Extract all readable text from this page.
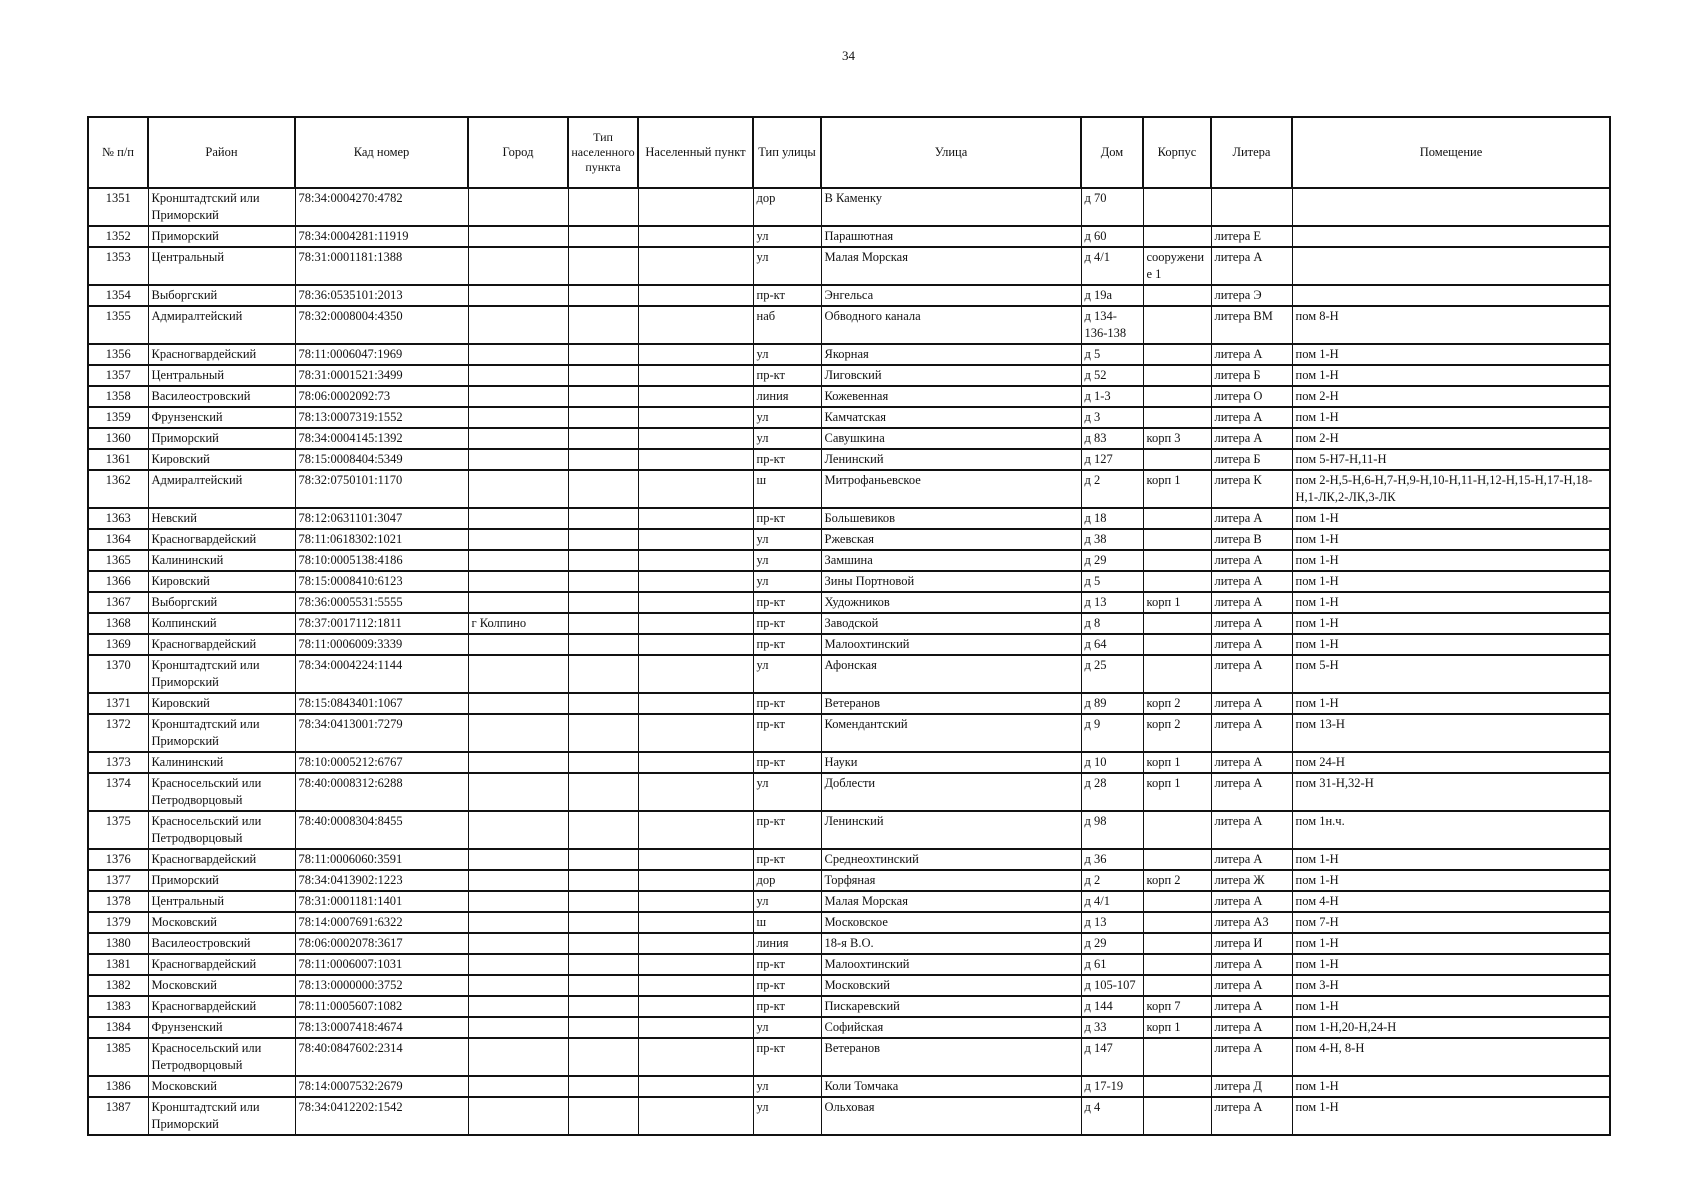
34
№ п/п	Район	Кад номер	Город	Тип населенного пункта	Населенный пункт	Тип улицы	Улица	Дом	Корпус	Литера	Помещение
1351	Кронштадтский или Приморский	78:34:0004270:4782				дор	В Каменку	д 70			
1352	Приморский	78:34:0004281:11919				ул	Парашютная	д 60		литера Е	
1353	Центральный	78:31:0001181:1388				ул	Малая Морская	д 4/1	сооружение 1	литера А	
1354	Выборгский	78:36:0535101:2013				пр-кт	Энгельса	д 19а		литера Э	
1355	Адмиралтейский	78:32:0008004:4350				наб	Обводного канала	д 134-136-138		литера ВМ	пом 8-Н
1356	Красногвардейский	78:11:0006047:1969				ул	Якорная	д 5		литера А	пом 1-Н
1357	Центральный	78:31:0001521:3499				пр-кт	Лиговский	д 52		литера Б	пом 1-Н
1358	Василеостровский	78:06:0002092:73				линия	Кожевенная	д 1-3		литера О	пом 2-Н
1359	Фрунзенский	78:13:0007319:1552				ул	Камчатская	д 3		литера А	пом 1-Н
1360	Приморский	78:34:0004145:1392				ул	Савушкина	д 83	корп 3	литера А	пом 2-Н
1361	Кировский	78:15:0008404:5349				пр-кт	Ленинский	д 127		литера Б	пом 5-Н7-Н,11-Н
1362	Адмиралтейский	78:32:0750101:1170				ш	Митрофаньевское	д 2	корп 1	литера К	пом 2-Н,5-Н,6-Н,7-Н,9-Н,10-Н,11-Н,12-Н,15-Н,17-Н,18-Н,1-ЛК,2-ЛК,3-ЛК
1363	Невский	78:12:0631101:3047				пр-кт	Большевиков	д 18		литера А	пом 1-Н
1364	Красногвардейский	78:11:0618302:1021				ул	Ржевская	д 38		литера В	пом 1-Н
1365	Калининский	78:10:0005138:4186				ул	Замшина	д 29		литера А	пом 1-Н
1366	Кировский	78:15:0008410:6123				ул	Зины Портновой	д 5		литера А	пом 1-Н
1367	Выборгский	78:36:0005531:5555				пр-кт	Художников	д 13	корп 1	литера А	пом 1-Н
1368	Колпинский	78:37:0017112:1811	г Колпино			пр-кт	Заводской	д 8		литера А	пом 1-Н
1369	Красногвардейский	78:11:0006009:3339				пр-кт	Малоохтинский	д 64		литера А	пом 1-Н
1370	Кронштадтский или Приморский	78:34:0004224:1144				ул	Афонская	д 25		литера А	пом 5-Н
1371	Кировский	78:15:0843401:1067				пр-кт	Ветеранов	д 89	корп 2	литера А	пом 1-Н
1372	Кронштадтский или Приморский	78:34:0413001:7279				пр-кт	Комендантский	д 9	корп 2	литера А	пом 13-Н
1373	Калининский	78:10:0005212:6767				пр-кт	Науки	д 10	корп 1	литера А	пом 24-Н
1374	Красносельский или Петродворцовый	78:40:0008312:6288				ул	Доблести	д 28	корп 1	литера А	пом 31-Н,32-Н
1375	Красносельский или Петродворцовый	78:40:0008304:8455				пр-кт	Ленинский	д 98		литера А	пом 1н.ч.
1376	Красногвардейский	78:11:0006060:3591				пр-кт	Среднеохтинский	д 36		литера А	пом 1-Н
1377	Приморский	78:34:0413902:1223				дор	Торфяная	д 2	корп 2	литера Ж	пом 1-Н
1378	Центральный	78:31:0001181:1401				ул	Малая Морская	д 4/1		литера А	пом 4-Н
1379	Московский	78:14:0007691:6322				ш	Московское	д 13		литера А3	пом 7-Н
1380	Василеостровский	78:06:0002078:3617				линия	18-я В.О.	д 29		литера И	пом 1-Н
1381	Красногвардейский	78:11:0006007:1031				пр-кт	Малоохтинский	д 61		литера А	пом 1-Н
1382	Московский	78:13:0000000:3752				пр-кт	Московский	д 105-107		литера А	пом 3-Н
1383	Красногвардейский	78:11:0005607:1082				пр-кт	Пискаревский	д 144	корп 7	литера А	пом 1-Н
1384	Фрунзенский	78:13:0007418:4674				ул	Софийская	д 33	корп 1	литера А	пом 1-Н,20-Н,24-Н
1385	Красносельский или Петродворцовый	78:40:0847602:2314				пр-кт	Ветеранов	д 147		литера А	пом 4-Н, 8-Н
1386	Московский	78:14:0007532:2679				ул	Коли Томчака	д 17-19		литера Д	пом 1-Н
1387	Кронштадтский или Приморский	78:34:0412202:1542				ул	Ольховая	д 4		литера А	пом 1-Н
